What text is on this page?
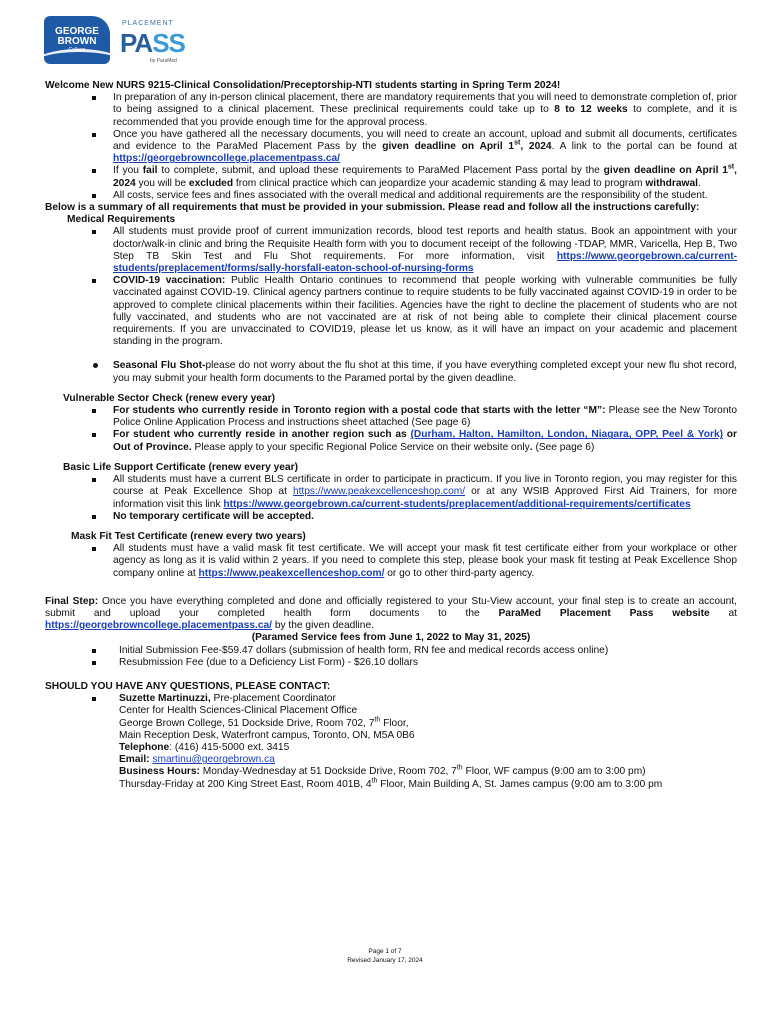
GEORGE
BROWN
College
PLACEMENT
PASS
by ParaMed

Welcome New NURS 9215-Clinical Consolidation/Preceptorship-NTI students starting in Spring Term 2024!

In preparation of any in-person clinical placement, there are mandatory requirements that you will need to demonstrate completion of, prior to being assigned to a clinical placement. These preclinical requirements could take up to 8 to 12 weeks to complete, and it is recommended that you provide enough time for the approval process.
Once you have gathered all the necessary documents, you will need to create an account, upload and submit all documents, certificates and evidence to the ParaMed Placement Pass by the given deadline on April 1st, 2024. A link to the portal can be found at https://georgebrowncollege.placementpass.ca/
If you fail to complete, submit, and upload these requirements to ParaMed Placement Pass portal by the given deadline on April 1st, 2024 you will be excluded from clinical practice which can jeopardize your academic standing & may lead to program withdrawal.
All costs, service fees and fines associated with the overall medical and additional requirements are the responsibility of the student.

Below is a summary of all requirements that must be provided in your submission. Please read and follow all the instructions carefully:

Medical Requirements

All students must provide proof of current immunization records, blood test reports and health status. Book an appointment with your doctor/walk-in clinic and bring the Requisite Health form with you to document receipt of the following -TDAP, MMR, Varicella, Hep B, Two Step TB Skin Test and Flu Shot requirements. For more information, visit https://www.georgebrown.ca/current-students/preplacement/forms/sally-horsfall-eaton-school-of-nursing-forms
COVID-19 vaccination: Public Health Ontario continues to recommend that people working with vulnerable communities be fully vaccinated against COVID-19. Clinical agency partners continue to require students to be fully vaccinated against COVID-19 in order to be approved to complete clinical placements within their facilities. Agencies have the right to decline the placement of students who are not fully vaccinated, and students who are not vaccinated are at risk of not being able to complete their clinical placement course requirements. If you are unvaccinated to COVID19, please let us know, as it will have an impact on your academic and placement standing in the program.
Seasonal Flu Shot-please do not worry about the flu shot at this time, if you have everything completed except your new flu shot record, you may submit your health form documents to the Paramed portal by the given deadline.

Vulnerable Sector Check (renew every year)

For students who currently reside in Toronto region with a postal code that starts with the letter “M”: Please see the New Toronto Police Online Application Process and instructions sheet attached (See page 6)
For student who currently reside in another region such as (Durham, Halton, Hamilton, London, Niagara, OPP, Peel & York) or Out of Province. Please apply to your specific Regional Police Service on their website only. (See page 6)

Basic Life Support Certificate (renew every year)

All students must have a current BLS certificate in order to participate in practicum. If you live in Toronto region, you may register for this course at Peak Excellence Shop at https://www.peakexcellenceshop.com/ or at any WSIB Approved First Aid Trainers, for more information visit this link https://www.georgebrown.ca/current-students/preplacement/additional-requirements/certificates
No temporary certificate will be accepted.

Mask Fit Test Certificate (renew every two years)

All students must have a valid mask fit test certificate. We will accept your mask fit test certificate either from your workplace or other agency as long as it is valid within 2 years. If you need to complete this step, please book your mask fit testing at Peak Excellence Shop company online at https://www.peakexcellenceshop.com/ or go to other third-party agency.

Final Step: Once you have everything completed and done and officially registered to your Stu-View account, your final step is to create an account, submit and upload your completed health form documents to the ParaMed Placement Pass website at https://georgebrowncollege.placementpass.ca/ by the given deadline.

(Paramed Service fees from June 1, 2022 to May 31, 2025)

Initial Submission Fee-$59.47 dollars (submission of health form, RN fee and medical records access online)
Resubmission Fee (due to a Deficiency List Form) - $26.10 dollars

SHOULD YOU HAVE ANY QUESTIONS, PLEASE CONTACT:

Suzette Martinuzzi, Pre-placement Coordinator

Center for Health Sciences-Clinical Placement Office

George Brown College, 51 Dockside Drive, Room 702, 7th Floor,

Main Reception Desk, Waterfront campus, Toronto, ON, M5A 0B6

Telephone: (416) 415-5000 ext. 3415

Email: smartinu@georgebrown.ca

Business Hours: Monday-Wednesday at 51 Dockside Drive, Room 702, 7th Floor, WF campus (9:00 am to 3:00 pm)

Thursday-Friday at 200 King Street East, Room 401B, 4th Floor, Main Building A, St. James campus (9:00 am to 3:00 pm

Page 1 of 7
Revised January 17, 2024
